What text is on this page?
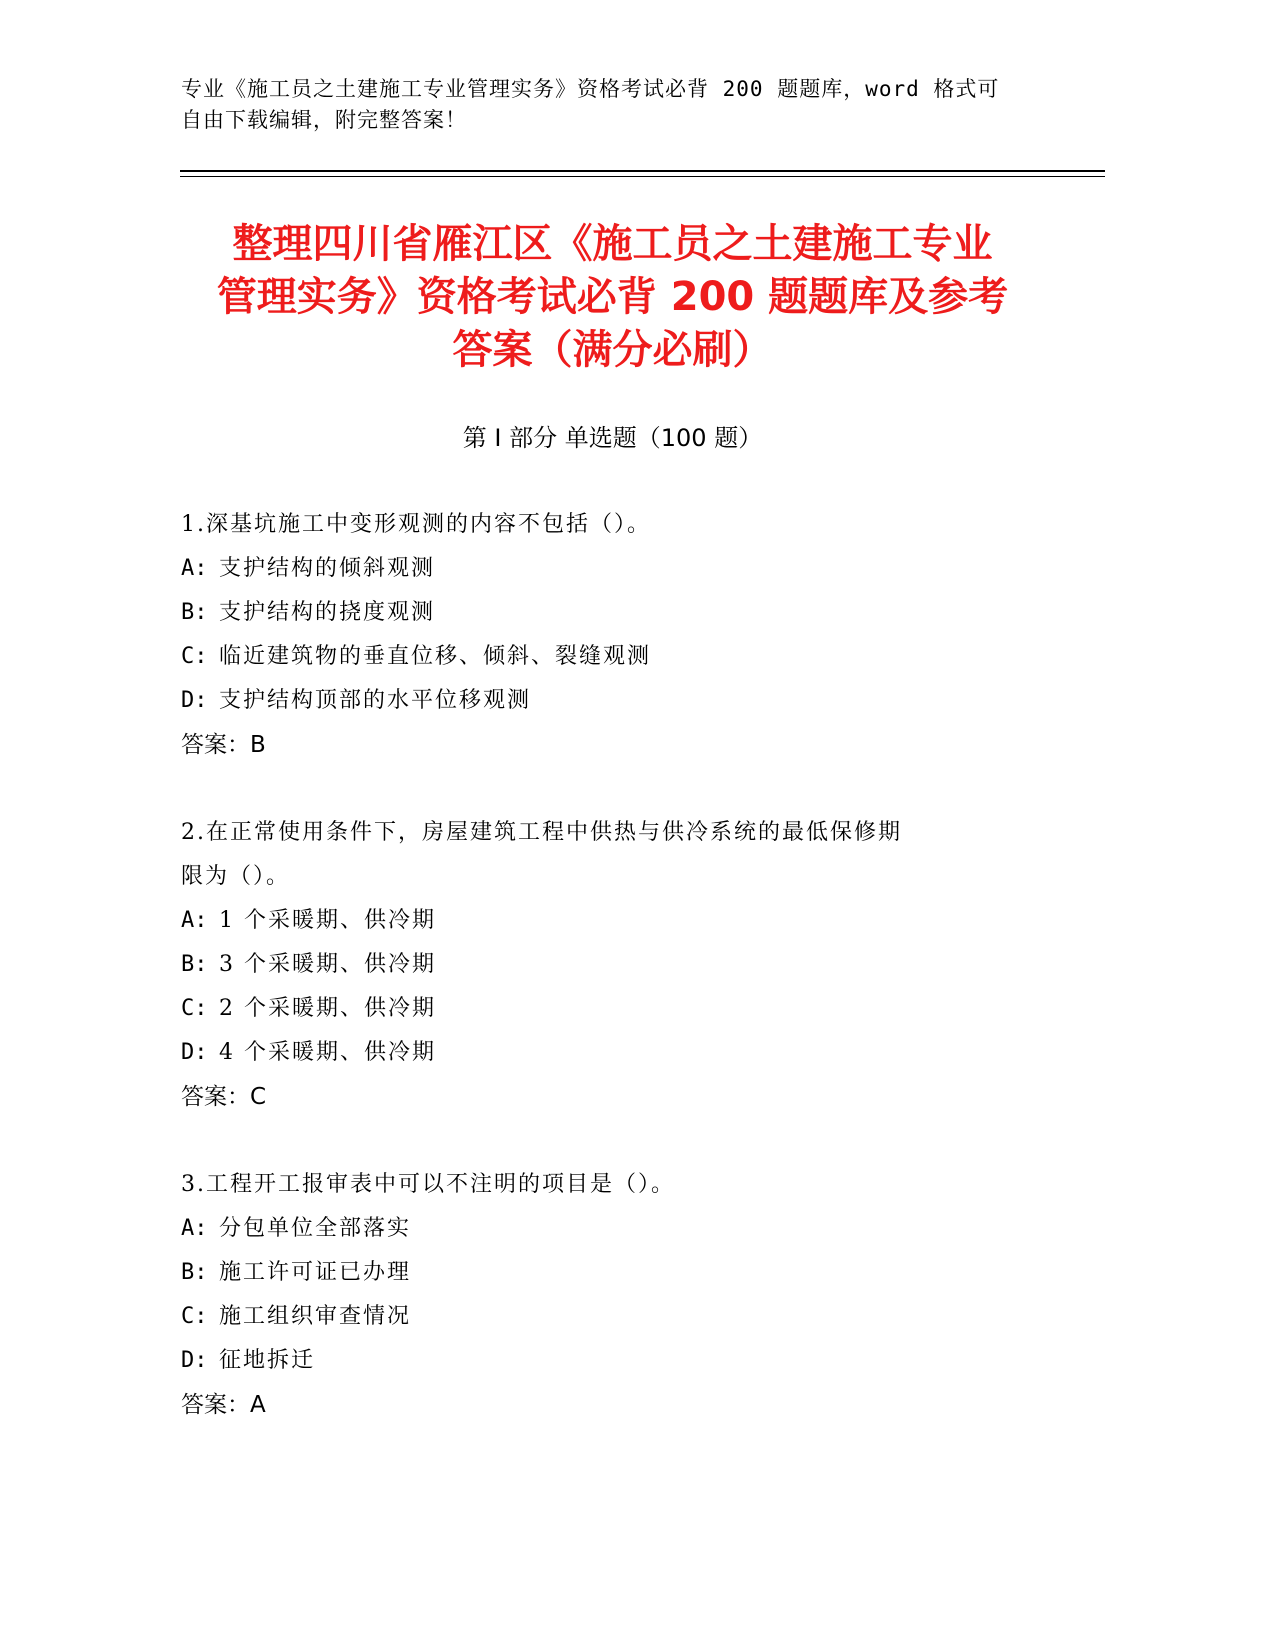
专业《施工员之土建施工专业管理实务》资格考试必背 200 题题库，word 格式可
自由下载编辑，附完整答案！
整理四川省雁江区《施工员之土建施工专业
管理实务》资格考试必背 200 题题库及参考
答案（满分必刷）
第 I 部分 单选题（100 题）
1.深基坑施工中变形观测的内容不包括（）。
A: 支护结构的倾斜观测
B: 支护结构的挠度观测
C: 临近建筑物的垂直位移、倾斜、裂缝观测
D: 支护结构顶部的水平位移观测
答案：B
2.在正常使用条件下，房屋建筑工程中供热与供冷系统的最低保修期
限为（）。
A: 1 个采暖期、供冷期
B: 3 个采暖期、供冷期
C: 2 个采暖期、供冷期
D: 4 个采暖期、供冷期
答案：C
3.工程开工报审表中可以不注明的项目是（）。
A: 分包单位全部落实
B: 施工许可证已办理
C: 施工组织审查情况
D: 征地拆迁
答案：A
